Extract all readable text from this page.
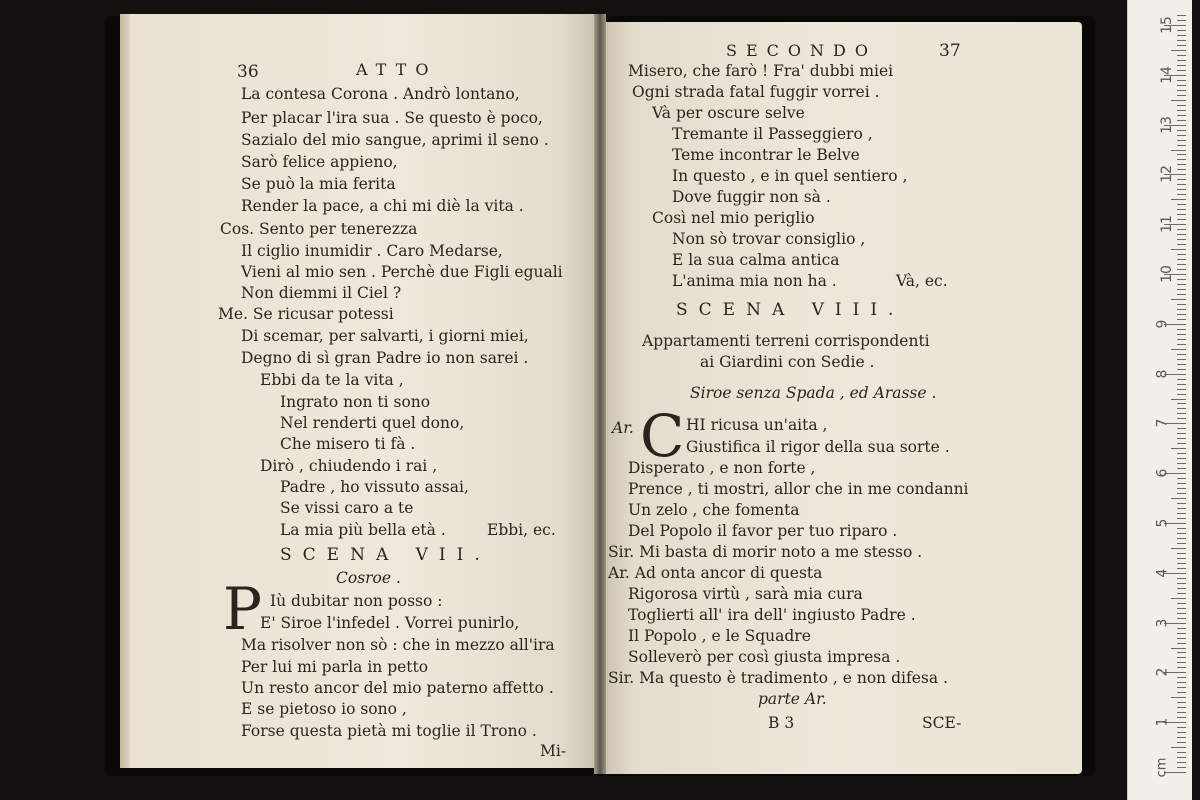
36	ATTO
La contesa Corona . Andrò lontano,
Per placar l'ira sua . Se questo è poco,
Sazialo del mio sangue, aprimi il seno .
Sarò felice appieno,
Se può la mia ferita
Render la pace, a chi mi diè la vita .
Cos. Sento per tenerezza
Il ciglio inumidir . Caro Medarse,
Vieni al mio sen . Perchè due Figli eguali
Non diemmi il Ciel ?
Me. Se ricusar potessi
Di scemar, per salvarti, i giorni miei,
Degno di sì gran Padre io non sarei .
Ebbi da te la vita ,
Ingrato non ti sono
Nel renderti quel dono,
Che misero ti fà .
Dirò , chiudendo i rai ,
Padre , ho vissuto assai,
Se vissi caro a te
La mia più bella età .	Ebbi, ec.
SCENA VII.
Cosroe .
P Iù dubitar non posso :
E' Siroe l'infedel . Vorrei punirlo,
Ma risolver non sò : che in mezzo all'ira
Per lui mi parla in petto
Un resto ancor del mio paterno affetto .
E se pietoso io sono ,
Forse questa pietà mi toglie il Trono .
Mi-
SECONDO	37
Misero, che farò ! Fra' dubbi miei
Ogni strada fatal fuggir vorrei .
Và per oscure selve
Tremante il Passeggiero ,
Teme incontrar le Belve
In questo , e in quel sentiero ,
Dove fuggir non sà .
Così nel mio periglio
Non sò trovar consiglio ,
E la sua calma antica
L'anima mia non ha .	Và, ec.
SCENA VIII.
Appartamenti terreni corrispondenti
ai Giardini con Sedie .
Siroe senza Spada , ed Arasse .
Ar. C HI ricusa un'aita ,
Giustifica il rigor della sua sorte .
Disperato , e non forte ,
Prence , ti mostri, allor che in me condanni
Un zelo , che fomenta
Del Popolo il favor per tuo riparo .
Sir. Mi basta di morir noto a me stesso .
Ar. Ad onta ancor di questa
Rigorosa virtù , sarà mia cura
Toglierti all' ira dell' ingiusto Padre .
Il Popolo , e le Squadre
Solleverò per così giusta impresa .
Sir. Ma questo è tradimento , e non difesa .
parte Ar.
B 3	SCE-	1
2
3
4
5
6
7
8
9
10
11
12
13
14
15
cm
